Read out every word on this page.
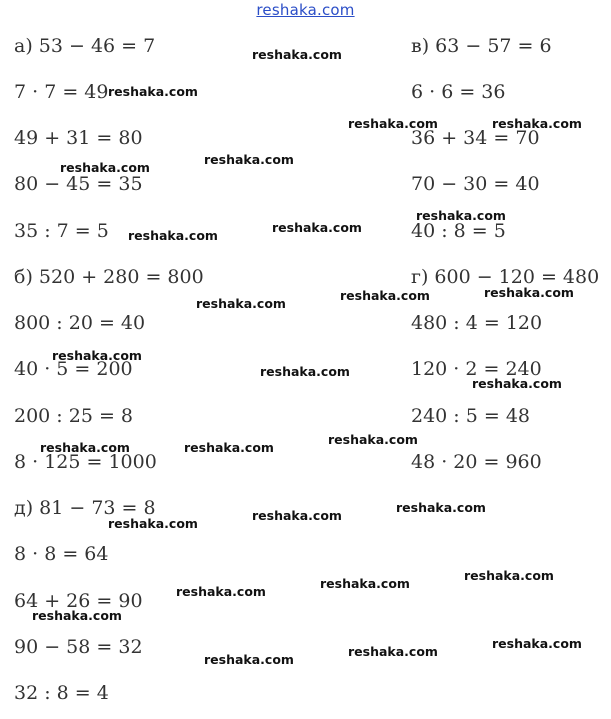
reshaka.com
а) 53 − 46 = 7
7 · 7 = 49
49 + 31 = 80
80 − 45 = 35
35 : 7 = 5
б) 520 + 280 = 800
800 : 20 = 40
40 · 5 = 200
200 : 25 = 8
8 · 125 = 1000
д) 81 − 73 = 8
8 · 8 = 64
64 + 26 = 90
90 − 58 = 32
32 : 8 = 4
в) 63 − 57 = 6
6 · 6 = 36
36 + 34 = 70
70 − 30 = 40
40 : 8 = 5
г) 600 − 120 = 480
480 : 4 = 120
120 · 2 = 240
240 : 5 = 48
48 · 20 = 960
reshaka.com
reshaka.com
reshaka.com	reshaka.com
reshaka.com
reshaka.com
reshaka.com
reshaka.com
reshaka.com
reshaka.com
reshaka.com
reshaka.com
reshaka.com
reshaka.com
reshaka.com
reshaka.com
reshaka.com
reshaka.com
reshaka.com
reshaka.com
reshaka.com
reshaka.com
reshaka.com
reshaka.com
reshaka.com
reshaka.com
reshaka.com
reshaka.com
